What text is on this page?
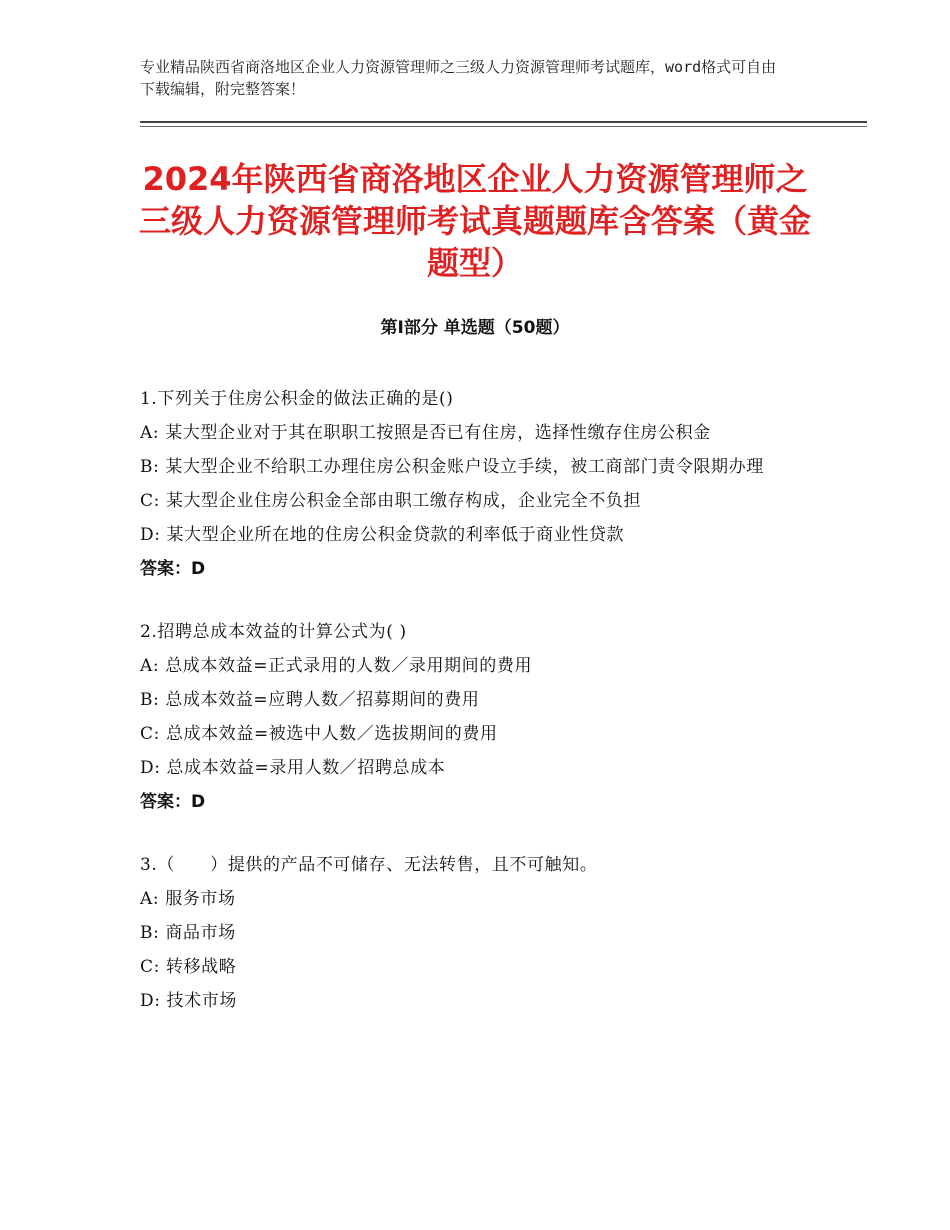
专业精品陕西省商洛地区企业人力资源管理师之三级人力资源管理师考试题库，word格式可自由下载编辑，附完整答案！
2024年陕西省商洛地区企业人力资源管理师之三级人力资源管理师考试真题题库含答案（黄金题型）
第Ⅰ部分 单选题（50题）
1.下列关于住房公积金的做法正确的是()
A: 某大型企业对于其在职职工按照是否已有住房，选择性缴存住房公积金
B: 某大型企业不给职工办理住房公积金账户设立手续，被工商部门责令限期办理
C: 某大型企业住房公积金全部由职工缴存构成，企业完全不负担
D: 某大型企业所在地的住房公积金贷款的利率低于商业性贷款
答案：D
2.招聘总成本效益的计算公式为( )
A: 总成本效益=正式录用的人数／录用期间的费用
B: 总成本效益=应聘人数／招募期间的费用
C: 总成本效益=被选中人数／选拔期间的费用
D: 总成本效益=录用人数／招聘总成本
答案：D
3.（　　）提供的产品不可储存、无法转售，且不可触知。
A: 服务市场
B: 商品市场
C: 转移战略
D: 技术市场
